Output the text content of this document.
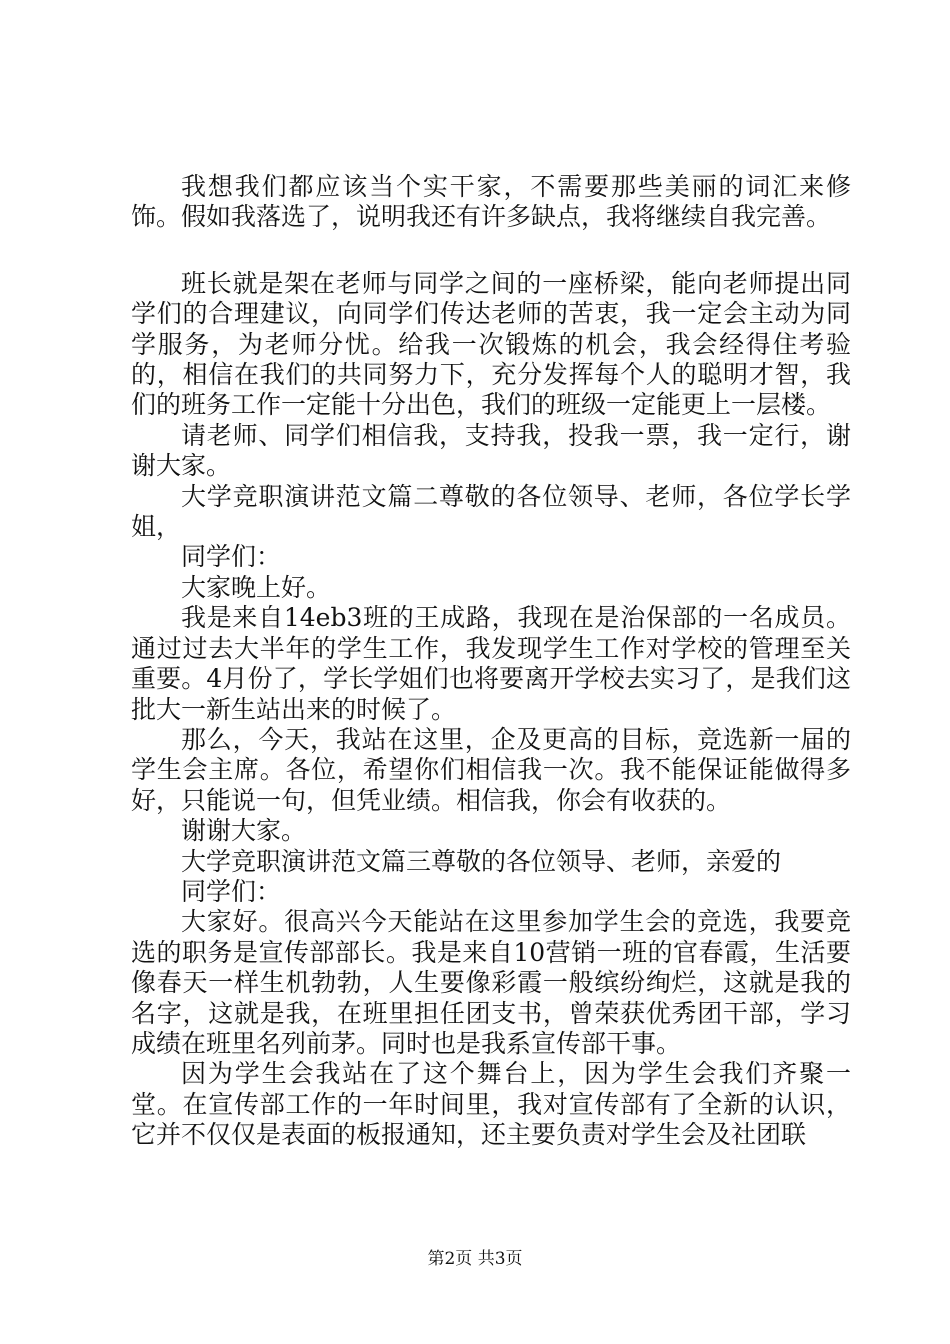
我想我们都应该当个实干家，不需要那些美丽的词汇来修饰。假如我落选了，说明我还有许多缺点，我将继续自我完善。

班长就是架在老师与同学之间的一座桥梁，能向老师提出同学们的合理建议，向同学们传达老师的苦衷，我一定会主动为同学服务，为老师分忧。给我一次锻炼的机会，我会经得住考验的，相信在我们的共同努力下，充分发挥每个人的聪明才智，我们的班务工作一定能十分出色，我们的班级一定能更上一层楼。

请老师、同学们相信我，支持我，投我一票，我一定行，谢谢大家。

大学竞职演讲范文篇二尊敬的各位领导、老师，各位学长学姐，

同学们：

大家晚上好。

我是来自14eb3班的王成路，我现在是治保部的一名成员。通过过去大半年的学生工作，我发现学生工作对学校的管理至关重要。4月份了，学长学姐们也将要离开学校去实习了，是我们这批大一新生站出来的时候了。

那么，今天，我站在这里，企及更高的目标，竞选新一届的学生会主席。各位，希望你们相信我一次。我不能保证能做得多好，只能说一句，但凭业绩。相信我，你会有收获的。

谢谢大家。

大学竞职演讲范文篇三尊敬的各位领导、老师，亲爱的

同学们：

大家好。很高兴今天能站在这里参加学生会的竞选，我要竞选的职务是宣传部部长。我是来自10营销一班的官春霞，生活要像春天一样生机勃勃，人生要像彩霞一般缤纷绚烂，这就是我的名字，这就是我，在班里担任团支书，曾荣获优秀团干部，学习成绩在班里名列前茅。同时也是我系宣传部干事。

因为学生会我站在了这个舞台上，因为学生会我们齐聚一堂。在宣传部工作的一年时间里，我对宣传部有了全新的认识，它并不仅仅是表面的板报通知，还主要负责对学生会及社团联

第2页 共3页
